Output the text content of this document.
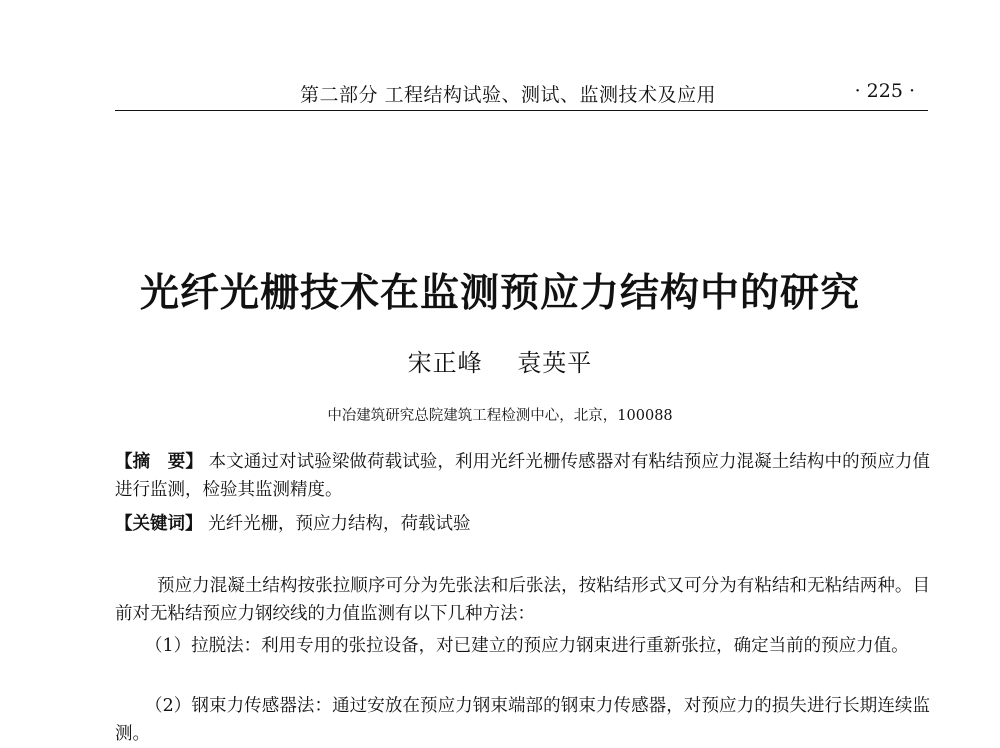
第二部分 工程结构试验、测试、监测技术及应用	· 225 ·
光纤光栅技术在监测预应力结构中的研究
宋正峰 袁英平
中冶建筑研究总院建筑工程检测中心，北京，100088
【摘　要】 本文通过对试验梁做荷载试验，利用光纤光栅传感器对有粘结预应力混凝土结构中的预应力值进行监测，检验其监测精度。
【关键词】 光纤光栅，预应力结构，荷载试验
预应力混凝土结构按张拉顺序可分为先张法和后张法，按粘结形式又可分为有粘结和无粘结两种。目前对无粘结预应力钢绞线的力值监测有以下几种方法：
（1）拉脱法：利用专用的张拉设备，对已建立的预应力钢束进行重新张拉，确定当前的预应力值。
（2）钢束力传感器法：通过安放在预应力钢束端部的钢束力传感器，对预应力的损失进行长期连续监测。
